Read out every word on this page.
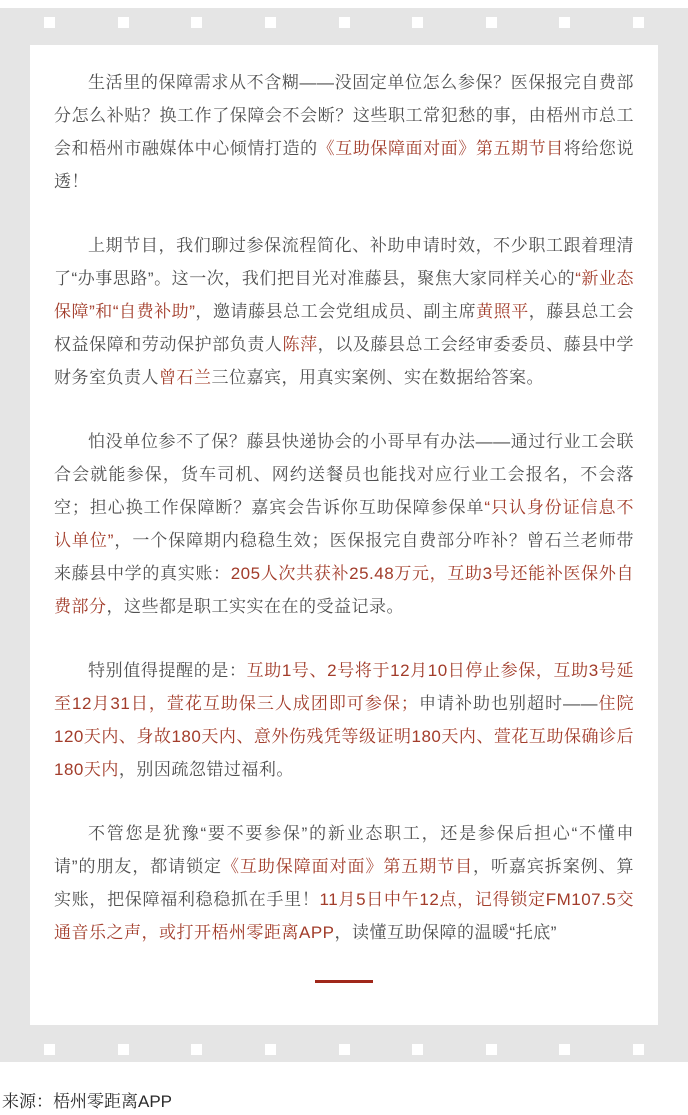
生活里的保障需求从不含糊——没固定单位怎么参保？医保报完自费部分怎么补贴？换工作了保障会不会断？这些职工常犯愁的事，由梧州市总工会和梧州市融媒体中心倾情打造的《互助保障面对面》第五期节目将给您说透！

上期节目，我们聊过参保流程简化、补助申请时效，不少职工跟着理清了“办事思路”。这一次，我们把目光对准藤县，聚焦大家同样关心的“新业态保障”和“自费补助”，邀请藤县总工会党组成员、副主席黄照平，藤县总工会权益保障和劳动保护部负责人陈萍，以及藤县总工会经审委委员、藤县中学财务室负责人曾石兰三位嘉宾，用真实案例、实在数据给答案。

怕没单位参不了保？藤县快递协会的小哥早有办法——通过行业工会联合会就能参保，货车司机、网约送餐员也能找对应行业工会报名，不会落空；担心换工作保障断？嘉宾会告诉你互助保障参保单“只认身份证信息不认单位”，一个保障期内稳稳生效；医保报完自费部分咋补？曾石兰老师带来藤县中学的真实账：205人次共获补25.48万元，互助3号还能补医保外自费部分，这些都是职工实实在在的受益记录。

特别值得提醒的是：互助1号、2号将于12月10日停止参保，互助3号延至12月31日，萱花互助保三人成团即可参保；申请补助也别超时——住院120天内、身故180天内、意外伤残凭等级证明180天内、萱花互助保确诊后180天内，别因疏忽错过福利。

不管您是犹豫“要不要参保”的新业态职工，还是参保后担心“不懂申请”的朋友，都请锁定《互助保障面对面》第五期节目，听嘉宾拆案例、算实账，把保障福利稳稳抓在手里！11月5日中午12点，记得锁定FM107.5交通音乐之声，或打开梧州零距离APP，读懂互助保障的温暖“托底”

来源：梧州零距离APP
